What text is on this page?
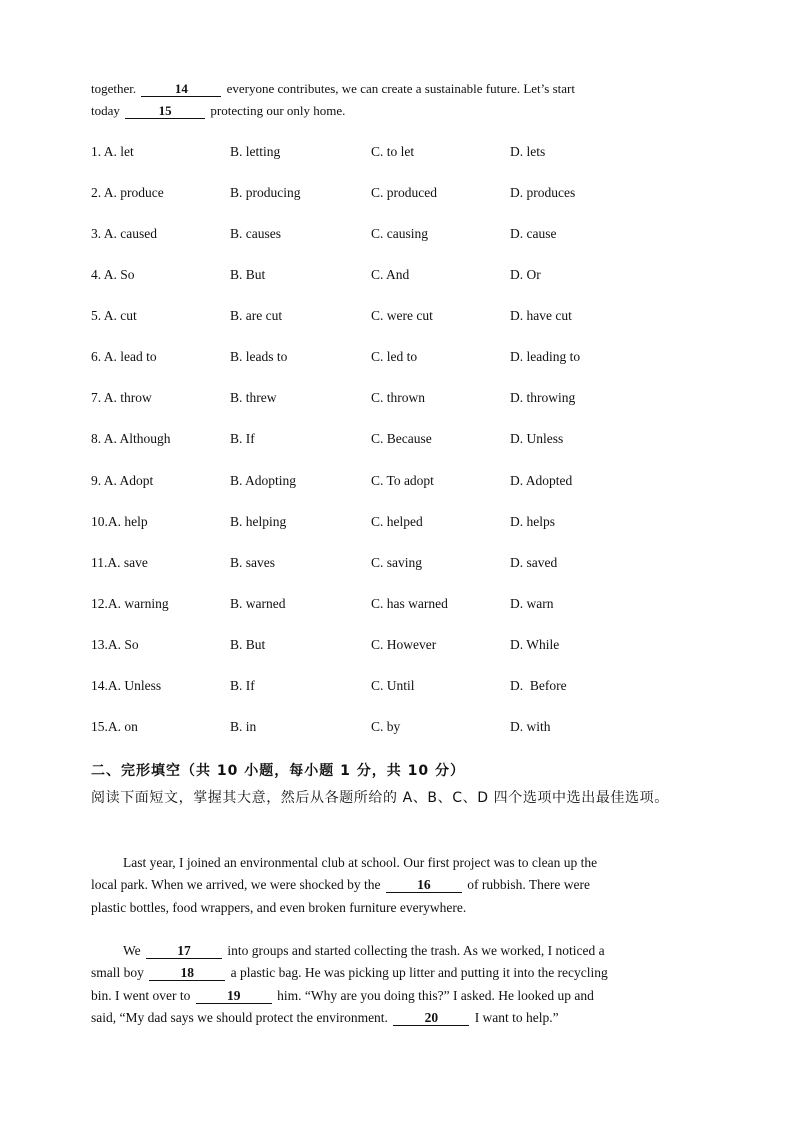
together.	14	everyone contributes, we can create a sustainable future. Let’s start
today	15	protecting our only home.
1. A. let	B. letting	C. to let	D. lets
2. A. produce	B. producing	C. produced	D. produces
3. A. caused	B. causes	C. causing	D. cause
4. A. So	B. But	C. And	D. Or
5. A. cut	B. are cut	C. were cut	D. have cut
6. A. lead to	B. leads to	C. led to	D. leading to
7. A. throw	B. threw	C. thrown	D. throwing
8. A. Although	B. If	C. Because	D. Unless
9. A. Adopt	B. Adopting	C. To adopt	D. Adopted
10.A. help	B. helping	C. helped	D. helps
11.A. save	B. saves	C. saving	D. saved
12.A. warning	B. warned	C. has warned	D. warn
13.A. So	B. But	C. However	D. While
14.A. Unless	B. If	C. Until	D.  Before
15.A. on	B. in	C. by	D. with
二、完形填空（共 10 小题，每小题 1 分，共 10 分）
阅读下面短文，掌握其大意，然后从各题所给的 A、B、C、D 四个选项中选出最佳选项。
Last year, I joined an environmental club at school. Our first project was to clean up the
local park. When we arrived, we were shocked by the	16	of rubbish. There were
plastic bottles, food wrappers, and even broken furniture everywhere.
We	17	into groups and started collecting the trash. As we worked, I noticed a
small boy	18	a plastic bag. He was picking up litter and putting it into the recycling
bin. I went over to	19	him. “Why are you doing this?” I asked. He looked up and
said, “My dad says we should protect the environment.	20	I want to help.”
